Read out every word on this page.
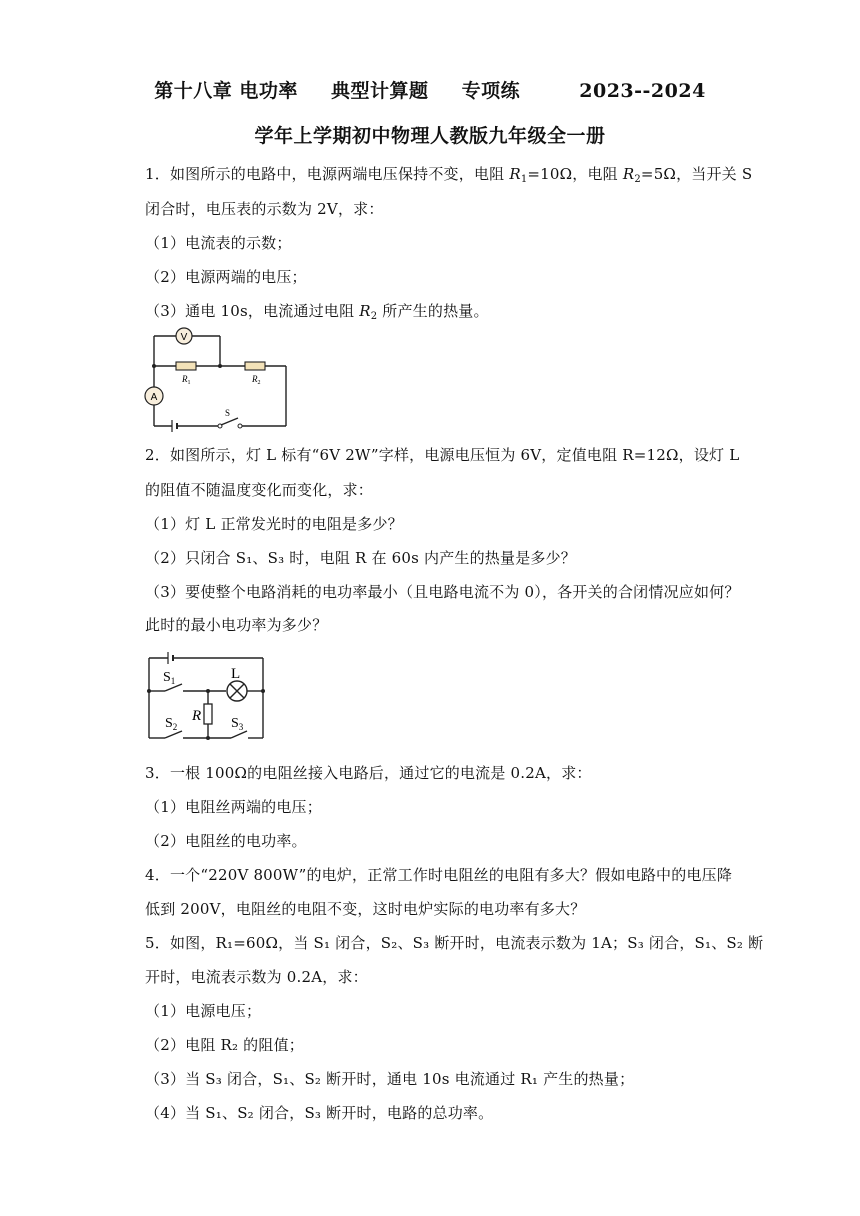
第十八章 电功率 典型计算题 专项练	2023--2024
学年上学期初中物理人教版九年级全一册
1．如图所示的电路中，电源两端电压保持不变，电阻 $R_1=10\Omega$，电阻 $R_2=5\Omega$，当开关 S
闭合时，电压表的示数为 2V，求：
（1）电流表的示数；
（2）电源两端的电压；
（3）通电 10s，电流通过电阻 $R_2$ 所产生的热量。
V
$R_1$	$R_2$
A
S
2．如图所示，灯 L 标有“6V 2W”字样，电源电压恒为 6V，定值电阻 R=12Ω，设灯 L
的阻值不随温度变化而变化，求：
（1）灯 L 正常发光时的电阻是多少？
（2）只闭合 S₁、S₃ 时，电阻 R 在 60s 内产生的热量是多少？
（3）要使整个电路消耗的电功率最小（且电路电流不为 0），各开关的合闭情况应如何？
此时的最小电功率为多少？
L
$S_1$
$S_2$	$S_3$
R
3．一根 100Ω的电阻丝接入电路后，通过它的电流是 0.2A，求：
（1）电阻丝两端的电压；
（2）电阻丝的电功率。
4．一个“220V 800W”的电炉，正常工作时电阻丝的电阻有多大？假如电路中的电压降
低到 200V，电阻丝的电阻不变，这时电炉实际的电功率有多大？
5．如图，R₁=60Ω，当 S₁ 闭合，S₂、S₃ 断开时，电流表示数为 1A；S₃ 闭合，S₁、S₂ 断
开时，电流表示数为 0.2A，求：
（1）电源电压；
（2）电阻 R₂ 的阻值；
（3）当 S₃ 闭合，S₁、S₂ 断开时，通电 10s 电流通过 R₁ 产生的热量；
（4）当 S₁、S₂ 闭合，S₃ 断开时，电路的总功率。
